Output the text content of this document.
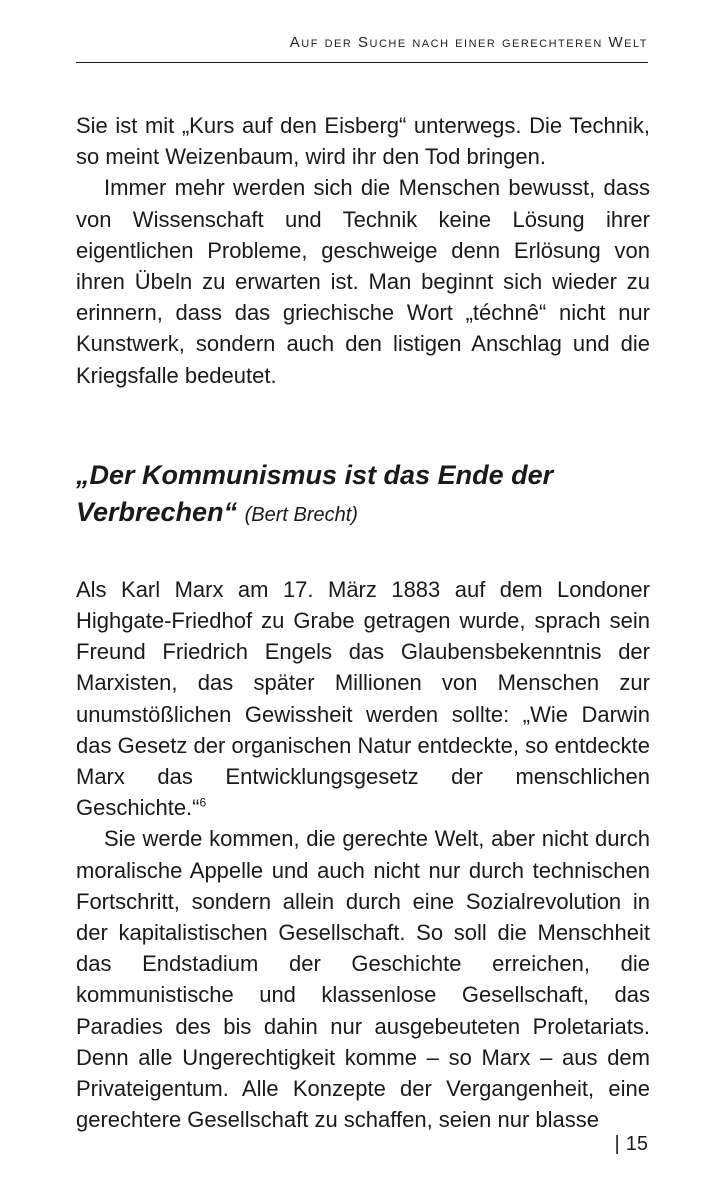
Auf der Suche nach einer gerechteren Welt

Sie ist mit „Kurs auf den Eisberg“ unterwegs. Die Technik, so meint Weizenbaum, wird ihr den Tod bringen.

Immer mehr werden sich die Menschen bewusst, dass von Wissenschaft und Technik keine Lösung ihrer eigentlichen Probleme, geschweige denn Erlösung von ihren Übeln zu erwarten ist. Man beginnt sich wieder zu erinnern, dass das griechische Wort „téchnê“ nicht nur Kunstwerk, sondern auch den listigen Anschlag und die Kriegsfalle bedeutet.

„Der Kommunismus ist das Ende der Verbrechen“ (Bert Brecht)

Als Karl Marx am 17. März 1883 auf dem Londoner Highgate-Friedhof zu Grabe getragen wurde, sprach sein Freund Friedrich Engels das Glaubensbekenntnis der Marxisten, das später Millionen von Menschen zur unumstößlichen Gewissheit werden sollte: „Wie Darwin das Gesetz der organischen Natur entdeckte, so entdeckte Marx das Entwicklungsgesetz der menschlichen Geschichte.“$^6$

Sie werde kommen, die gerechte Welt, aber nicht durch moralische Appelle und auch nicht nur durch technischen Fortschritt, sondern allein durch eine Sozialrevolution in der kapitalistischen Gesellschaft. So soll die Menschheit das Endstadium der Geschichte erreichen, die kommunistische und klassenlose Gesellschaft, das Paradies des bis dahin nur ausgebeuteten Proletariats. Denn alle Ungerechtigkeit komme – so Marx – aus dem Privateigentum. Alle Konzepte der Vergangenheit, eine gerechtere Gesellschaft zu schaffen, seien nur blasse

| 15
